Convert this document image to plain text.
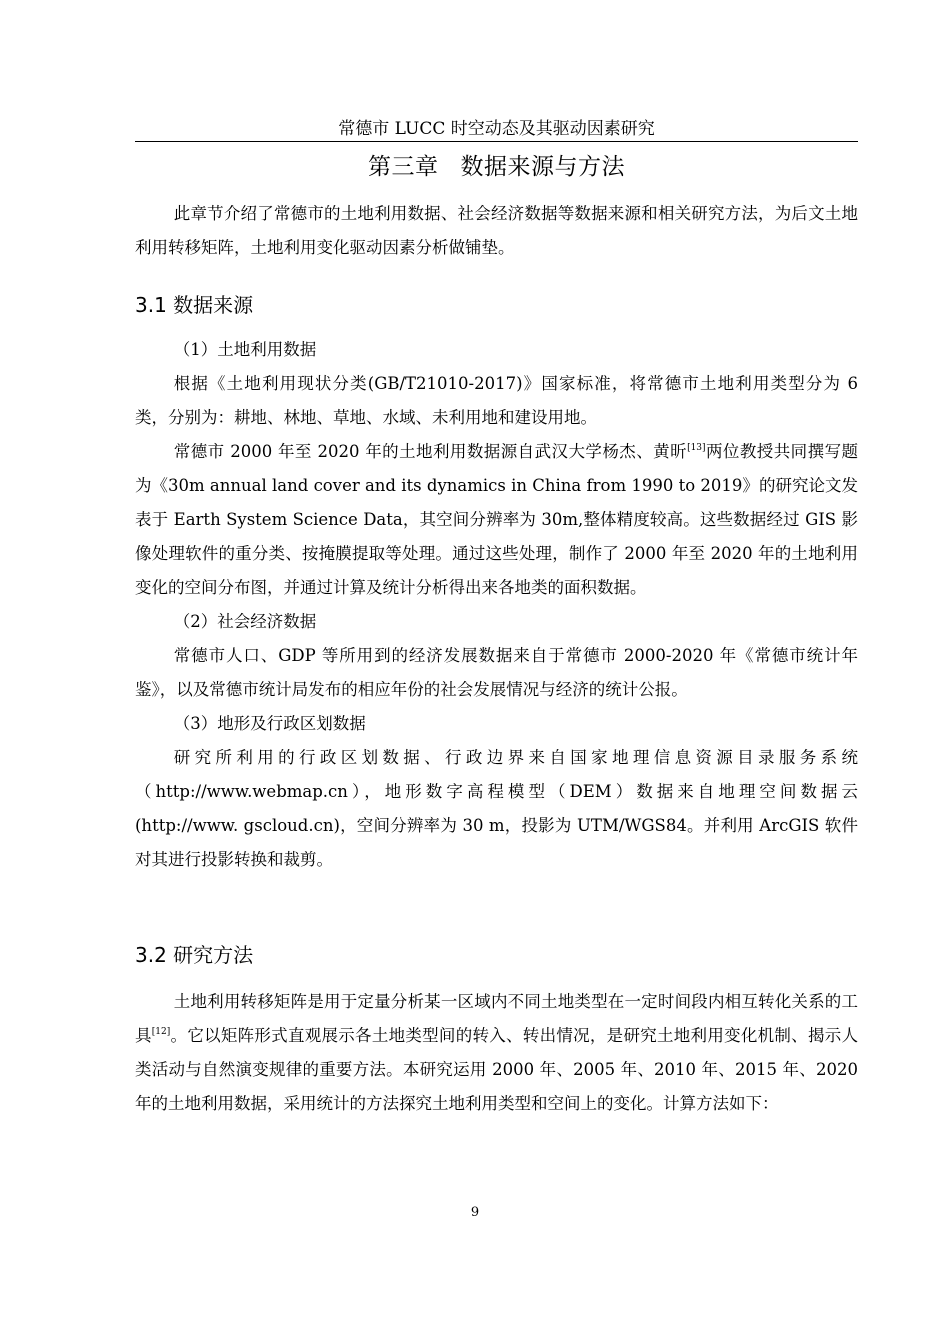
常德市 LUCC 时空动态及其驱动因素研究
第三章 数据来源与方法

此章节介绍了常德市的土地利用数据、社会经济数据等数据来源和相关研究方法，为后文土地利用转移矩阵，土地利用变化驱动因素分析做铺垫。

3.1 数据来源

（1）土地利用数据

根据《土地利用现状分类(GB/T21010-2017)》国家标准，将常德市土地利用类型分为 6 类，分别为：耕地、林地、草地、水域、未利用地和建设用地。

常德市 2000 年至 2020 年的土地利用数据源自武汉大学杨杰、黄昕[13]两位教授共同撰写题为《30m annual land cover and its dynamics in China from 1990 to 2019》的研究论文发表于 Earth System Science Data，其空间分辨率为 30m,整体精度较高。这些数据经过 GIS 影像处理软件的重分类、按掩膜提取等处理。通过这些处理，制作了 2000 年至 2020 年的土地利用变化的空间分布图，并通过计算及统计分析得出来各地类的面积数据。

（2）社会经济数据

常德市人口、GDP 等所用到的经济发展数据来自于常德市 2000-2020 年《常德市统计年鉴》，以及常德市统计局发布的相应年份的社会发展情况与经济的统计公报。

（3）地形及行政区划数据

研究所利用的行政区划数据、行政边界来自国家地理信息资源目录服务系统（http://www.webmap.cn），地形数字高程模型（DEM）数据来自地理空间数据云(http://www. gscloud.cn)，空间分辨率为 30 m，投影为 UTM/WGS84。并利用 ArcGIS 软件对其进行投影转换和裁剪。

3.2 研究方法

土地利用转移矩阵是用于定量分析某一区域内不同土地类型在一定时间段内相互转化关系的工具[12]。它以矩阵形式直观展示各土地类型间的转入、转出情况，是研究土地利用变化机制、揭示人类活动与自然演变规律的重要方法。本研究运用 2000 年、2005 年、2010 年、2015 年、2020 年的土地利用数据，采用统计的方法探究土地利用类型和空间上的变化。计算方法如下：

9
